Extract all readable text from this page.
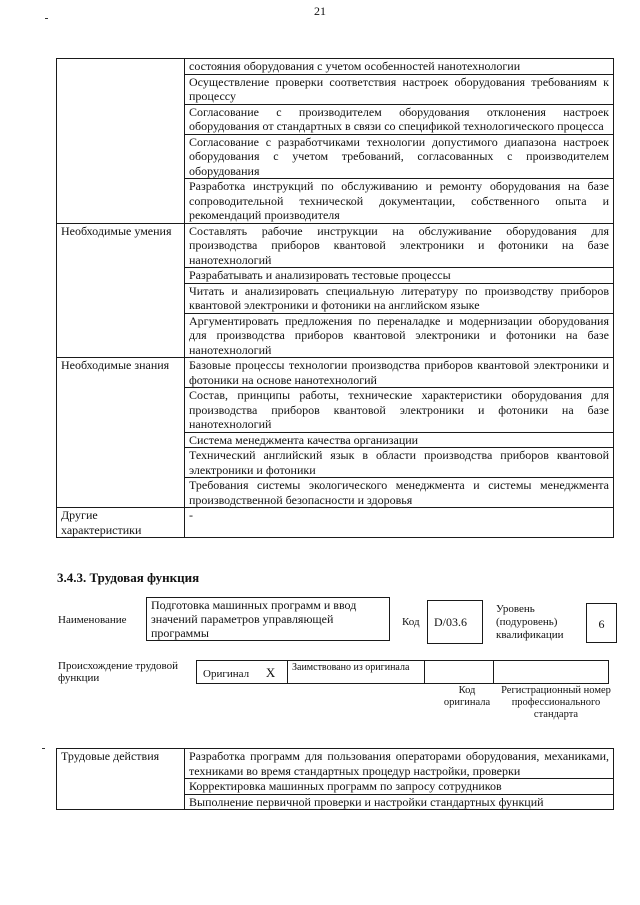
21
	состояния оборудования с учетом особенностей нанотехнологии
	Осуществление проверки соответствия настроек оборудования требованиям к процессу
	Согласование с производителем оборудования отклонения настроек оборудования от стандартных в связи со спецификой технологического процесса
	Согласование с разработчиками технологии допустимого диапазона настроек оборудования с учетом требований, согласованных с производителем оборудования
	Разработка инструкций по обслуживанию и ремонту оборудования на базе сопроводительной технической документации, собственного опыта и рекомендаций производителя
Необходимые умения	Составлять рабочие инструкции на обслуживание оборудования для производства приборов квантовой электроники и фотоники на базе нанотехнологий
	Разрабатывать и анализировать тестовые процессы
	Читать и анализировать специальную литературу по производству приборов квантовой электроники и фотоники на английском языке
	Аргументировать предложения по переналадке и модернизации оборудования для производства приборов квантовой электроники и фотоники на базе нанотехнологий
Необходимые знания	Базовые процессы технологии производства приборов квантовой электроники и фотоники на основе нанотехнологий
	Состав, принципы работы, технические характеристики оборудования для производства приборов квантовой электроники и фотоники на базе нанотехнологий
	Система менеджмента качества организации
	Технический английский язык в области производства приборов квантовой электроники и фотоники
	Требования системы экологического менеджмента и системы менеджмента производственной безопасности и здоровья
Другие характеристики	-
3.4.3. Трудовая функция
Наименование
Подготовка машинных программ и ввод значений параметров управляющей программы
Код	D/03.6
Уровень (подуровень) квалификации
6
Происхождение трудовой функции	Оригинал X	Заимствовано из оригинала
Код оригинала
Регистрационный номер профессионального стандарта
Трудовые действия	Разработка программ для пользования операторами оборудования, механиками, техниками во время стандартных процедур настройки, проверки
Корректировка машинных программ по запросу сотрудников
Выполнение первичной проверки и настройки стандартных функций
